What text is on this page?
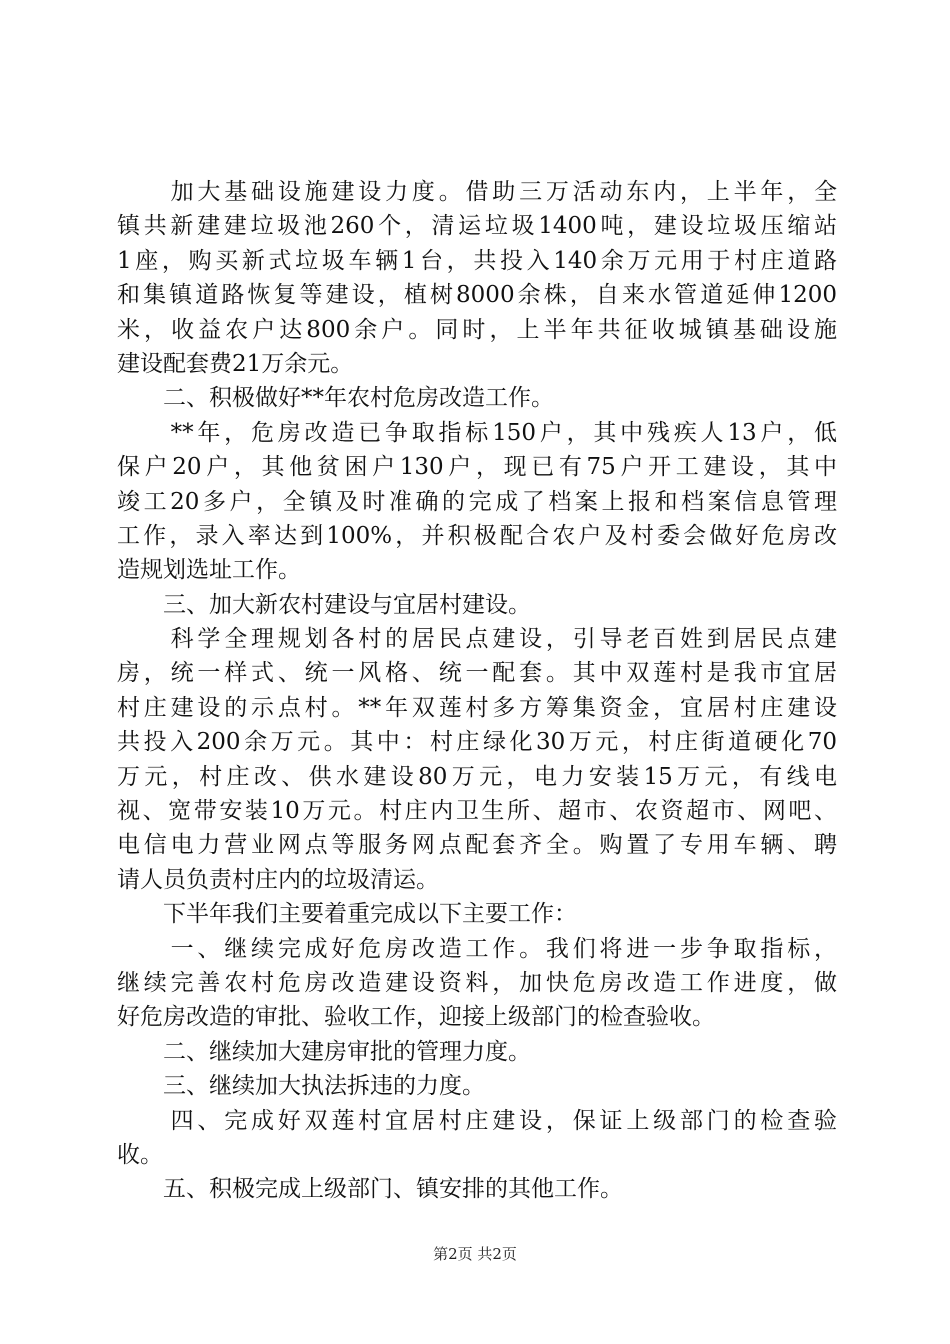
　　加大基础设施建设力度。借助三万活动东内，上半年，全
镇共新建建垃圾池260个，清运垃圾1400吨，建设垃圾压缩站
1座，购买新式垃圾车辆1台，共投入140余万元用于村庄道路
和集镇道路恢复等建设，植树8000余株，自来水管道延伸1200
米，收益农户达800余户。同时，上半年共征收城镇基础设施
建设配套费21万余元。
　　二、积极做好**年农村危房改造工作。
　　**年，危房改造已争取指标150户，其中残疾人13户，低
保户20户，其他贫困户130户，现已有75户开工建设，其中
竣工20多户，全镇及时准确的完成了档案上报和档案信息管理
工作，录入率达到100%，并积极配合农户及村委会做好危房改
造规划选址工作。
　　三、加大新农村建设与宜居村建设。
　　科学全理规划各村的居民点建设，引导老百姓到居民点建
房，统一样式、统一风格、统一配套。其中双莲村是我市宜居
村庄建设的示点村。**年双莲村多方筹集资金，宜居村庄建设
共投入200余万元。其中：村庄绿化30万元，村庄街道硬化70
万元，村庄改、供水建设80万元，电力安装15万元，有线电
视、宽带安装10万元。村庄内卫生所、超市、农资超市、网吧、
电信电力营业网点等服务网点配套齐全。购置了专用车辆、聘
请人员负责村庄内的垃圾清运。
　　下半年我们主要着重完成以下主要工作：
　　一、继续完成好危房改造工作。我们将进一步争取指标，
继续完善农村危房改造建设资料，加快危房改造工作进度，做
好危房改造的审批、验收工作，迎接上级部门的检查验收。
　　二、继续加大建房审批的管理力度。
　　三、继续加大执法拆违的力度。
　　四、完成好双莲村宜居村庄建设，保证上级部门的检查验
收。
　　五、积极完成上级部门、镇安排的其他工作。
第2页 共2页
